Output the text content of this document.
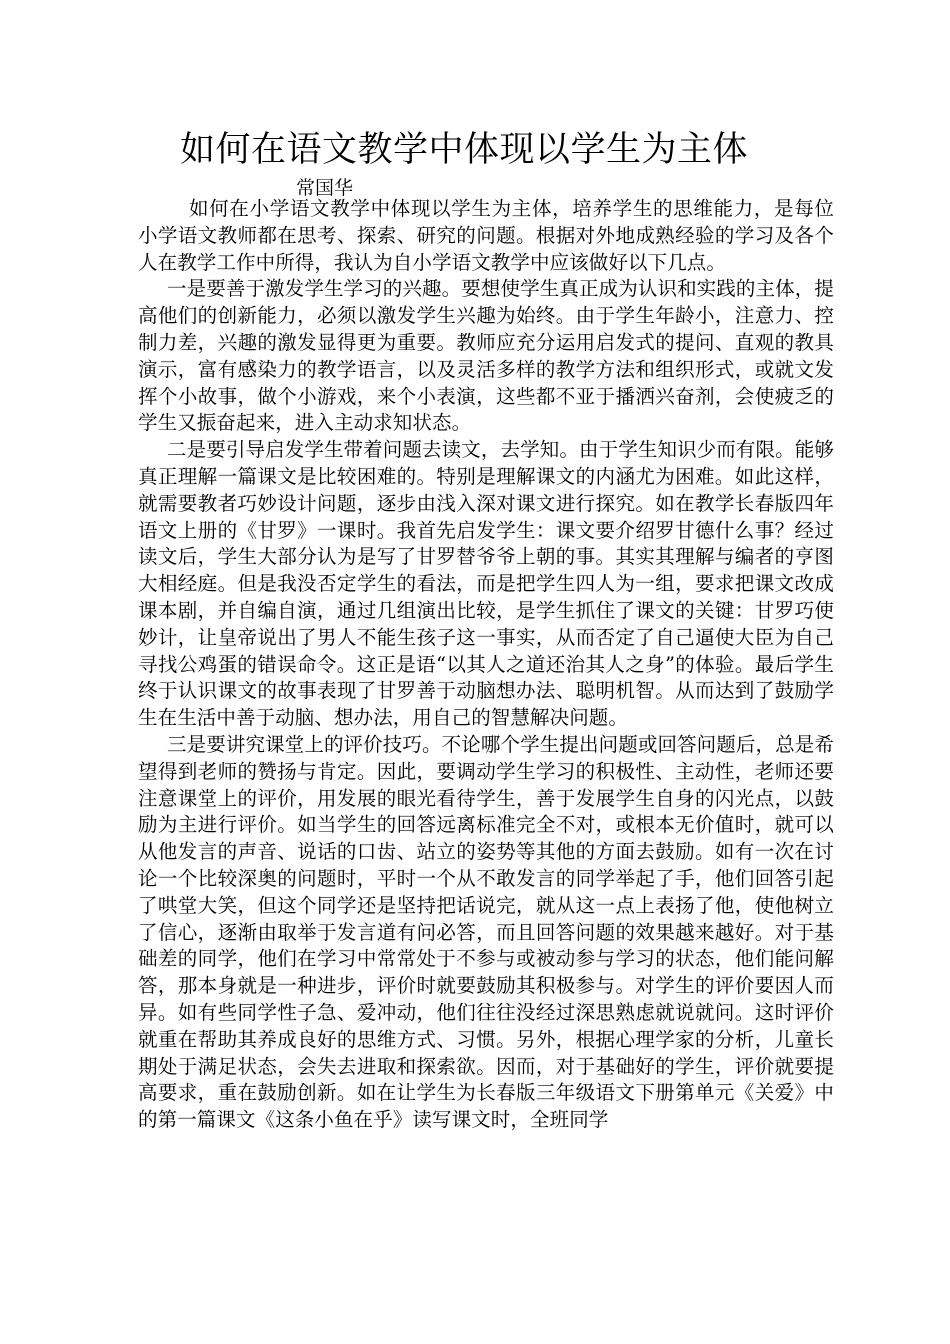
如何在语文教学中体现以学生为主体
常国华

如何在小学语文教学中体现以学生为主体，培养学生的思维能力，是每位小学语文教师都在思考、探索、研究的问题。根据对外地成熟经验的学习及各个人在教学工作中所得，我认为自小学语文教学中应该做好以下几点。

一是要善于激发学生学习的兴趣。要想使学生真正成为认识和实践的主体，提高他们的创新能力，必须以激发学生兴趣为始终。由于学生年龄小，注意力、控制力差，兴趣的激发显得更为重要。教师应充分运用启发式的提问、直观的教具演示，富有感染力的教学语言，以及灵活多样的教学方法和组织形式，或就文发挥个小故事，做个小游戏，来个小表演，这些都不亚于播洒兴奋剂，会使疲乏的学生又振奋起来，进入主动求知状态。

二是要引导启发学生带着问题去读文，去学知。由于学生知识少而有限。能够真正理解一篇课文是比较困难的。特别是理解课文的内涵尤为困难。如此这样，就需要教者巧妙设计问题，逐步由浅入深对课文进行探究。如在教学长春版四年语文上册的《甘罗》一课时。我首先启发学生：课文要介绍罗甘德什么事？经过读文后，学生大部分认为是写了甘罗替爷爷上朝的事。其实其理解与编者的亨图大相经庭。但是我没否定学生的看法，而是把学生四人为一组，要求把课文改成课本剧，并自编自演，通过几组演出比较，是学生抓住了课文的关键：甘罗巧使妙计，让皇帝说出了男人不能生孩子这一事实，从而否定了自己逼使大臣为自己寻找公鸡蛋的错误命令。这正是语“以其人之道还治其人之身”的体验。最后学生终于认识课文的故事表现了甘罗善于动脑想办法、聪明机智。从而达到了鼓励学生在生活中善于动脑、想办法，用自己的智慧解决问题。

三是要讲究课堂上的评价技巧。不论哪个学生提出问题或回答问题后，总是希望得到老师的赞扬与肯定。因此，要调动学生学习的积极性、主动性，老师还要注意课堂上的评价，用发展的眼光看待学生，善于发展学生自身的闪光点，以鼓励为主进行评价。如当学生的回答远离标准完全不对，或根本无价值时，就可以从他发言的声音、说话的口齿、站立的姿势等其他的方面去鼓励。如有一次在讨论一个比较深奥的问题时，平时一个从不敢发言的同学举起了手，他们回答引起了哄堂大笑，但这个同学还是坚持把话说完，就从这一点上表扬了他，使他树立了信心，逐渐由取举于发言道有问必答，而且回答问题的效果越来越好。对于基础差的同学，他们在学习中常常处于不参与或被动参与学习的状态，他们能问解答，那本身就是一种进步，评价时就要鼓励其积极参与。对学生的评价要因人而异。如有些同学性子急、爱冲动，他们往往没经过深思熟虑就说就问。这时评价就重在帮助其养成良好的思维方式、习惯。另外，根据心理学家的分析，儿童长期处于满足状态，会失去进取和探索欲。因而，对于基础好的学生，评价就要提高要求，重在鼓励创新。如在让学生为长春版三年级语文下册第单元《关爱》中的第一篇课文《这条小鱼在乎》读写课文时，全班同学
